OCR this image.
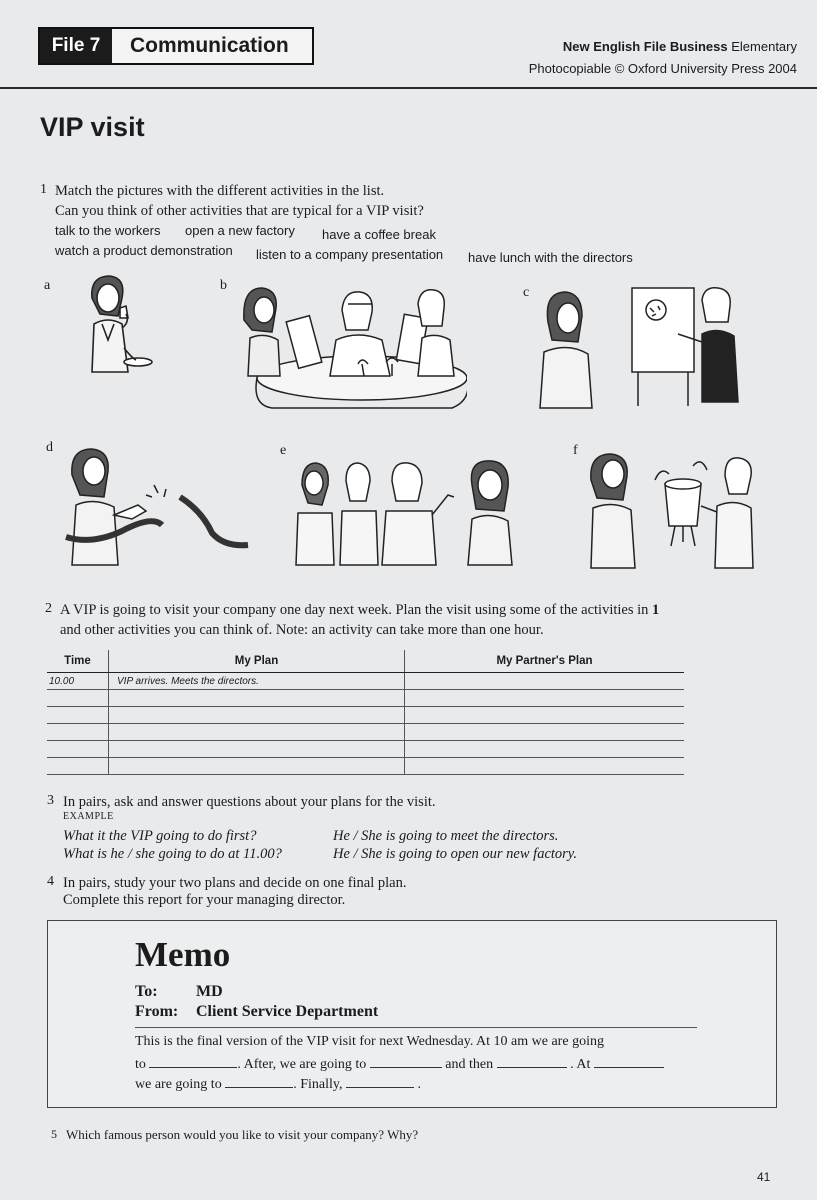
File 7	Communication	New English File Business Elementary
Photocopiable © Oxford University Press 2004
VIP visit
1 Match the pictures with the different activities in the list.
Can you think of other activities that are typical for a VIP visit?
talk to the workers open a new factory have a coffee break
watch a product demonstration listen to a company presentation have lunch with the directors
a	b	c
d	e	f
2 A VIP is going to visit your company one day next week. Plan the visit using some of the activities in 1
and other activities you can think of. Note: an activity can take more than one hour.
Time	My Plan	My Partner's Plan
10.00	VIP arrives. Meets the directors.	

3 In pairs, ask and answer questions about your plans for the visit.
EXAMPLE
What it the VIP going to do first?	He / She is going to meet the directors.
What is he / she going to do at 11.00?	He / She is going to open our new factory.
4 In pairs, study your two plans and decide on one final plan.
Complete this report for your managing director.
Memo
To: MD
From: Client Service Department
This is the final version of the VIP visit for next Wednesday. At 10 am we are going
to	. After, we are going to	and then	. At
we are going to	. Finally,	.
5 Which famous person would you like to visit your company? Why?
41
